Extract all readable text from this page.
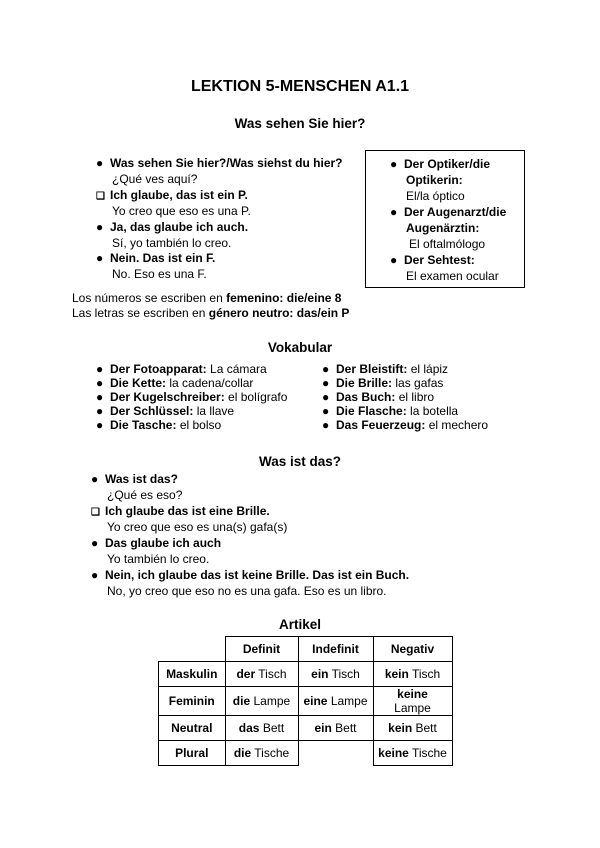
LEKTION 5-MENSCHEN A1.1
Was sehen Sie hier?
● Was sehen Sie hier?/Was siehst du hier?
¿Qué ves aquí?
❑ Ich glaube, das ist ein P.
Yo creo que eso es una P.
● Ja, das glaube ich auch.
Sí, yo también lo creo.
● Nein. Das ist ein F.
No. Eso es una F.
● Der Optiker/die
Optikerin:
El/la óptico
● Der Augenarzt/die
Augenärztin:
El oftalmólogo
● Der Sehtest:
El examen ocular
Los números se escriben en femenino: die/eine 8
Las letras se escriben en género neutro: das/ein P
Vokabular
● Der Fotoapparat: La cámara
● Die Kette: la cadena/collar
● Der Kugelschreiber: el bolígrafo
● Der Schlüssel: la llave
● Die Tasche: el bolso
● Der Bleistift: el lápiz
● Die Brille: las gafas
● Das Buch: el libro
● Die Flasche: la botella
● Das Feuerzeug: el mechero
Was ist das?
● Was ist das?
¿Qué es eso?
❑ Ich glaube das ist eine Brille.
Yo creo que eso es una(s) gafa(s)
● Das glaube ich auch
Yo también lo creo.
● Nein, ich glaube das ist keine Brille. Das ist ein Buch.
No, yo creo que eso no es una gafa. Eso es un libro.
Artikel
	Definit	Indefinit	Negativ
Maskulin	der Tisch	ein Tisch	kein Tisch
Feminin	die Lampe	eine Lampe	keine Lampe
Neutral	das Bett	ein Bett	kein Bett
Plural	die Tische		keine Tische
